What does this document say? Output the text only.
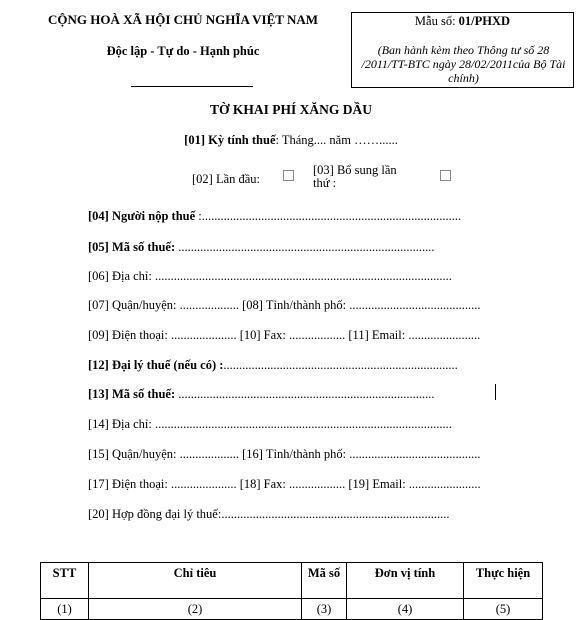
CỘNG HOÀ XÃ HỘI CHỦ NGHĨA VIỆT NAM
Độc lập - Tự do - Hạnh phúc
Mẫu số: 01/PHXD
(Ban hành kèm theo Thông tư số 28 /2011/TT-BTC ngày 28/02/2011của Bộ Tài chính)
TỜ KHAI PHÍ XĂNG DẦU
[01] Kỳ tính thuế: Tháng.... năm ……......
[02] Lần đầu:
[03] Bổ sung lần thứ :
[04] Người nộp thuế :...................................................................................
[05] Mã số thuế: ..................................................................................
[06] Địa chỉ: ...............................................................................................
[07] Quận/huyện: ................... [08] Tỉnh/thành phố: ..........................................
[09] Điện thoại: ..................... [10] Fax: .................. [11] Email: .......................
[12] Đại lý thuế (nếu có) :...........................................................................
[13] Mã số thuế: ..................................................................................
[14] Địa chỉ: ...............................................................................................
[15] Quận/huyện: ................... [16] Tỉnh/thành phố: ..........................................
[17] Điện thoại: ..................... [18] Fax: .................. [19] Email: .......................
[20] Hợp đồng đại lý thuế:.........................................................................
STT	Chỉ tiêu	Mã số	Đơn vị tính	Thực hiện
(1)	(2)	(3)	(4)	(5)
